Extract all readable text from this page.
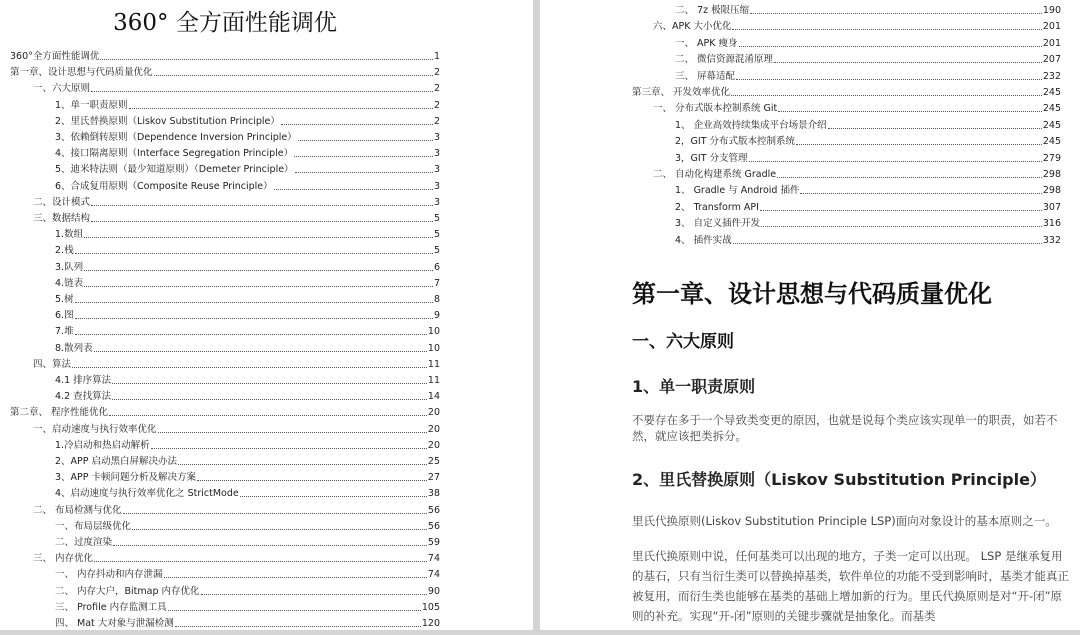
360° 全方面性能调优
360°全方面性能调优	1
第一章、设计思想与代码质量优化	2
一、六大原则	2
1、单一职责原则	2
2、里氏替换原则（Liskov Substitution Principle）	2
3、依赖倒转原则（Dependence Inversion Principle）	3
4、接口隔离原则（Interface Segregation Principle）	3
5、迪米特法则（最少知道原则）（Demeter Principle）	3
6、合成复用原则（Composite Reuse Principle）	3
二、设计模式	3
三、数据结构	5
1.数组	5
2.栈	5
3.队列	6
4.链表	7
5.树	8
6.图	9
7.堆	10
8.散列表	10
四、算法	11
4.1 排序算法	11
4.2 查找算法	14
第二章、 程序性能优化	20
一、启动速度与执行效率优化	20
1.冷启动和热启动解析	20
2、APP 启动黑白屏解决办法	25
3、APP 卡顿问题分析及解决方案	27
4、启动速度与执行效率优化之 StrictMode	38
二、 布局检测与优化	56
一、布局层级优化	56
二、过度渲染	59
三、 内存优化	74
一、 内存抖动和内存泄漏	74
二、 内存大户，Bitmap 内存优化	90
三、 Profile 内存监测工具	105
四、 Mat 大对象与泄漏检测	120
二、 7z 极限压缩	190
六、APK 大小优化	201
一、 APK 瘦身	201
二、 微信资源混淆原理	207
三、 屏幕适配	232
第三章、 开发效率优化	245
一、 分布式版本控制系统 Git	245
1、 企业高效持续集成平台场景介绍	245
2，GIT 分布式版本控制系统	245
3，GIT 分支管理	279
二、 自动化构建系统 Gradle	298
1、 Gradle 与 Android 插件	298
2、 Transform API	307
3、 自定义插件开发	316
4、 插件实战	332
第一章、设计思想与代码质量优化
一、六大原则
1、单一职责原则
不要存在多于一个导致类变更的原因，也就是说每个类应该实现单一的职责，如若不然，就应该把类拆分。
2、里氏替换原则（Liskov Substitution Principle）
里氏代换原则(Liskov Substitution Principle LSP)面向对象设计的基本原则之一。
里氏代换原则中说，任何基类可以出现的地方，子类一定可以出现。 LSP 是继承复用的基石，只有当衍生类可以替换掉基类，软件单位的功能不受到影响时，基类才能真正被复用，而衍生类也能够在基类的基础上增加新的行为。里氏代换原则是对“开-闭”原则的补充。实现“开-闭”原则的关键步骤就是抽象化。而基类
